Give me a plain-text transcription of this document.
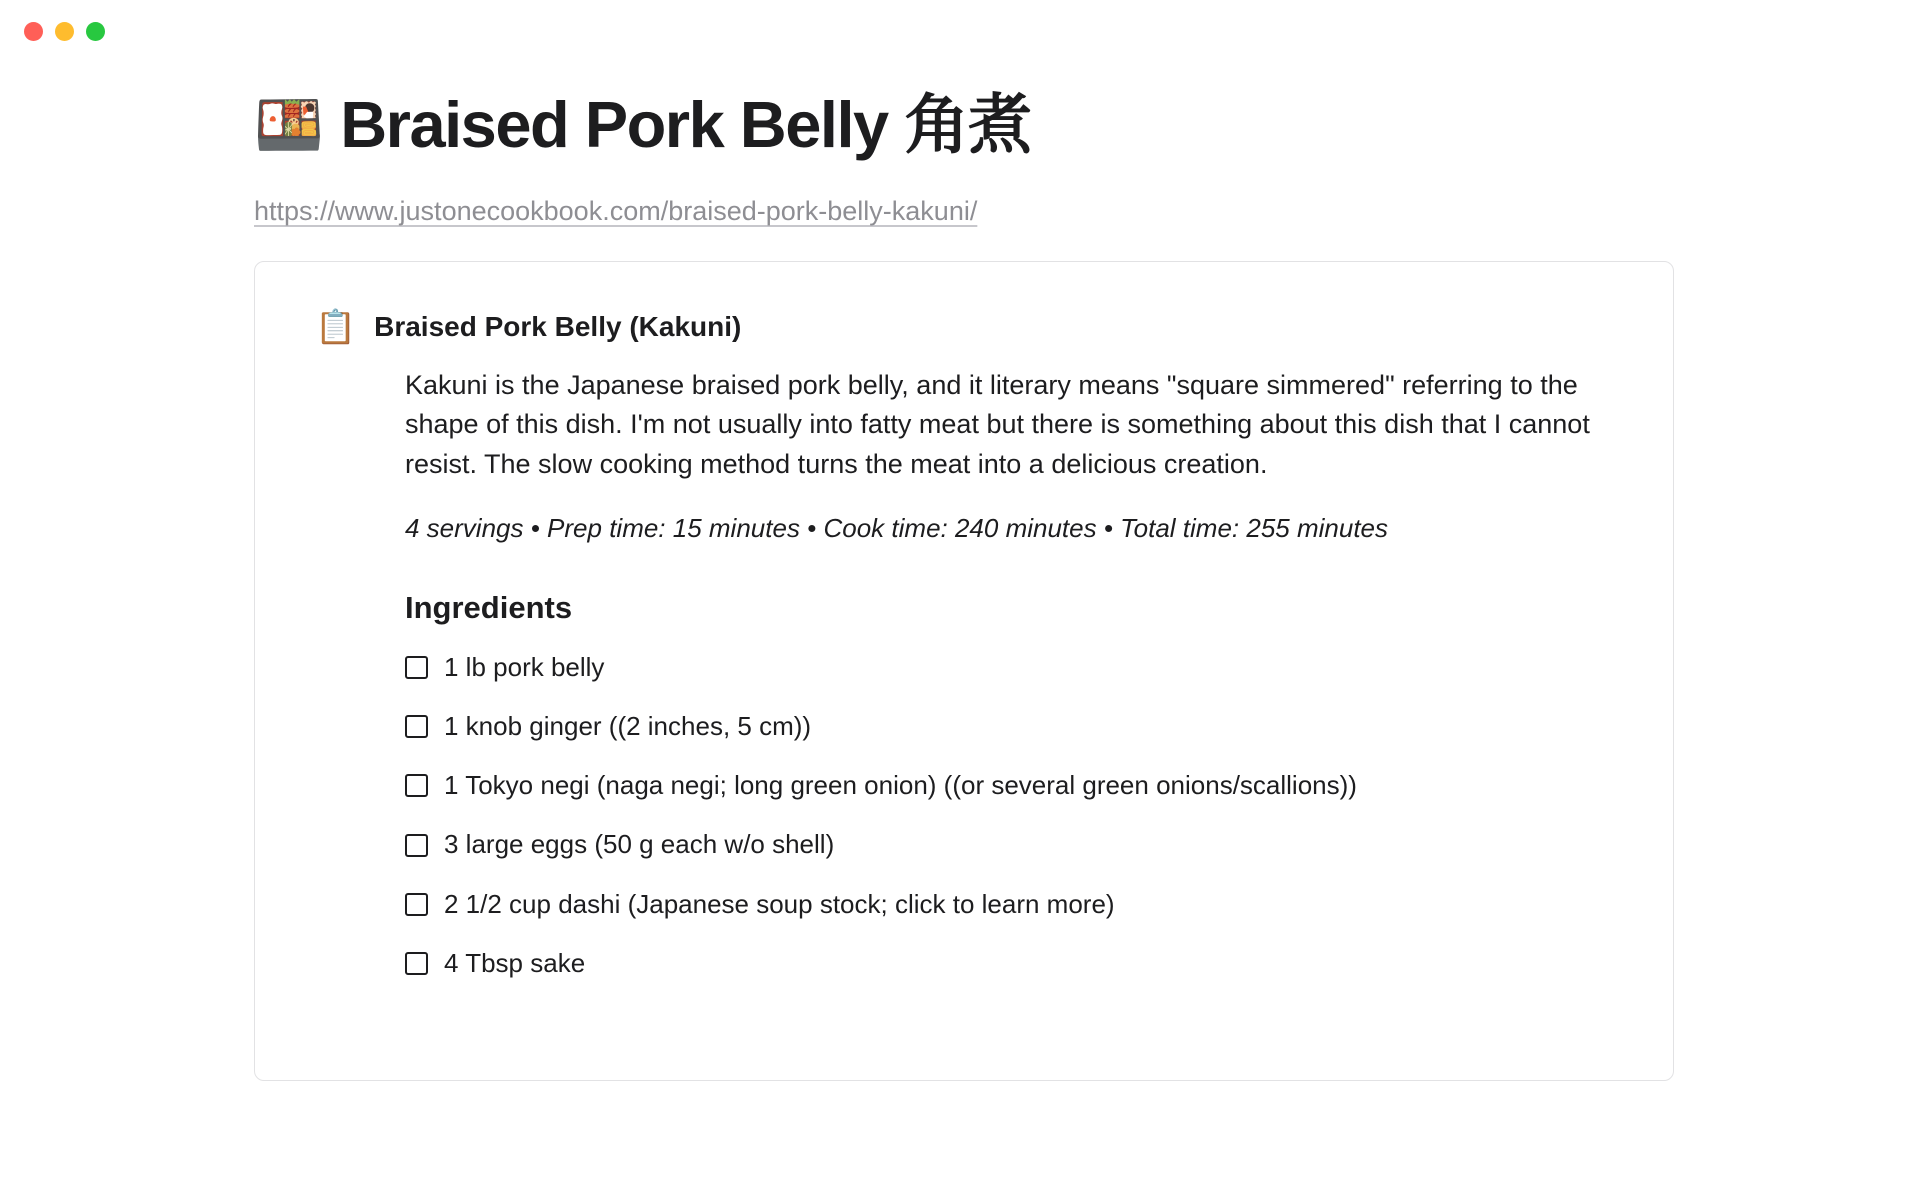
🍱 Braised Pork Belly 角煮
https://www.justonecookbook.com/braised-pork-belly-kakuni/
📋 Braised Pork Belly (Kakuni)

Kakuni is the Japanese braised pork belly, and it literary means "square simmered" referring to the shape of this dish. I'm not usually into fatty meat but there is something about this dish that I cannot resist. The slow cooking method turns the meat into a delicious creation.

4 servings • Prep time: 15 minutes • Cook time: 240 minutes • Total time: 255 minutes

Ingredients
1 lb pork belly
1 knob ginger ((2 inches, 5 cm))
1 Tokyo negi (naga negi; long green onion) ((or several green onions/scallions))
3 large eggs (50 g each w/o shell)
2 1/2 cup dashi (Japanese soup stock; click to learn more)
4 Tbsp sake
